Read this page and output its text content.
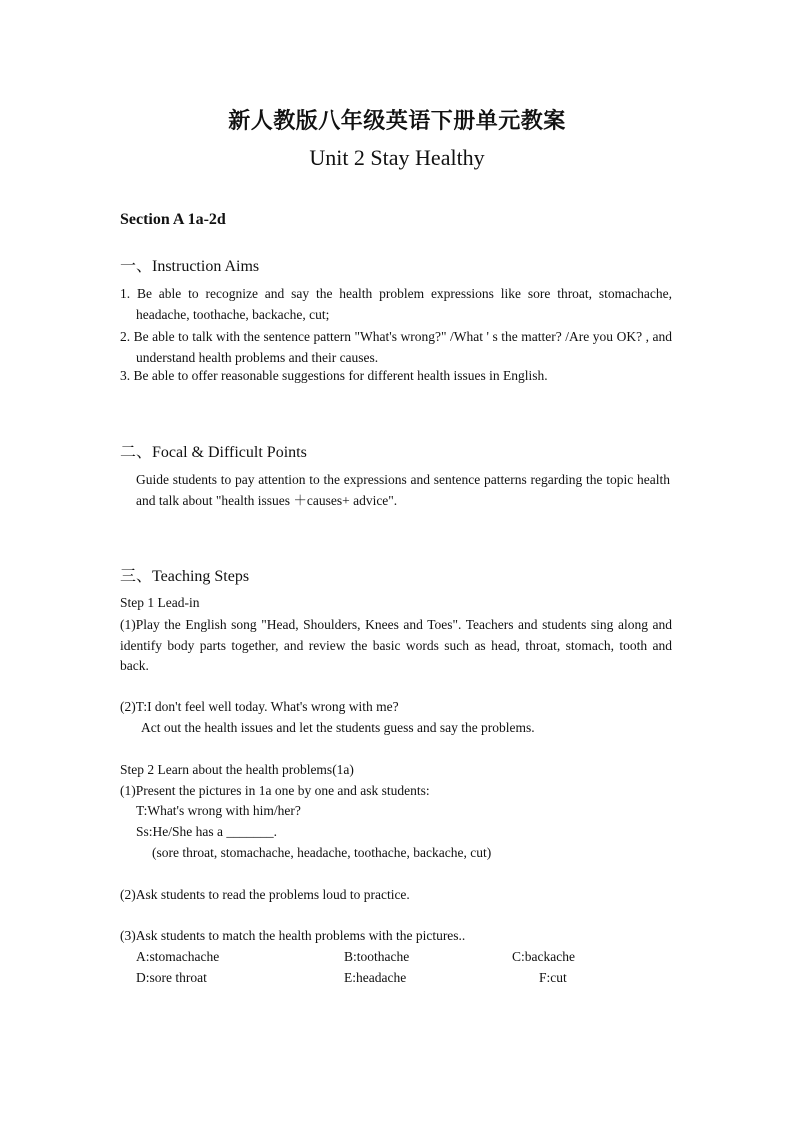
新人教版八年级英语下册单元教案
Unit 2 Stay Healthy
Section A 1a-2d
一、Instruction Aims
1. Be able to recognize and say the health problem expressions like sore throat, stomachache, headache, toothache, backache, cut;
2. Be able to talk with the sentence pattern "What's wrong?" /What ' s the matter? /Are you OK? , and understand health problems and their causes.
3. Be able to offer reasonable suggestions for different health issues in English.
二、Focal & Difficult Points
Guide students to pay attention to the expressions and sentence patterns regarding the topic health and talk about "health issues ＋causes+ advice".
三、Teaching Steps
Step 1 Lead-in
(1)Play the English song "Head, Shoulders, Knees and Toes". Teachers and students sing along and identify body parts together, and review the basic words such as head, throat, stomach, tooth and back.
(2)T:I don't feel well today. What's wrong with me?
Act out the health issues and let the students guess and say the problems.
Step 2 Learn about the health problems(1a)
(1)Present the pictures in 1a one by one and ask students:
T:What's wrong with him/her?
Ss:He/She has a _______.
(sore throat, stomachache, headache, toothache, backache, cut)
(2)Ask students to read the problems loud to practice.
(3)Ask students to match the health problems with the pictures..
A:stomachache	B:toothache	C:backache
D:sore throat	E:headache	F:cut
